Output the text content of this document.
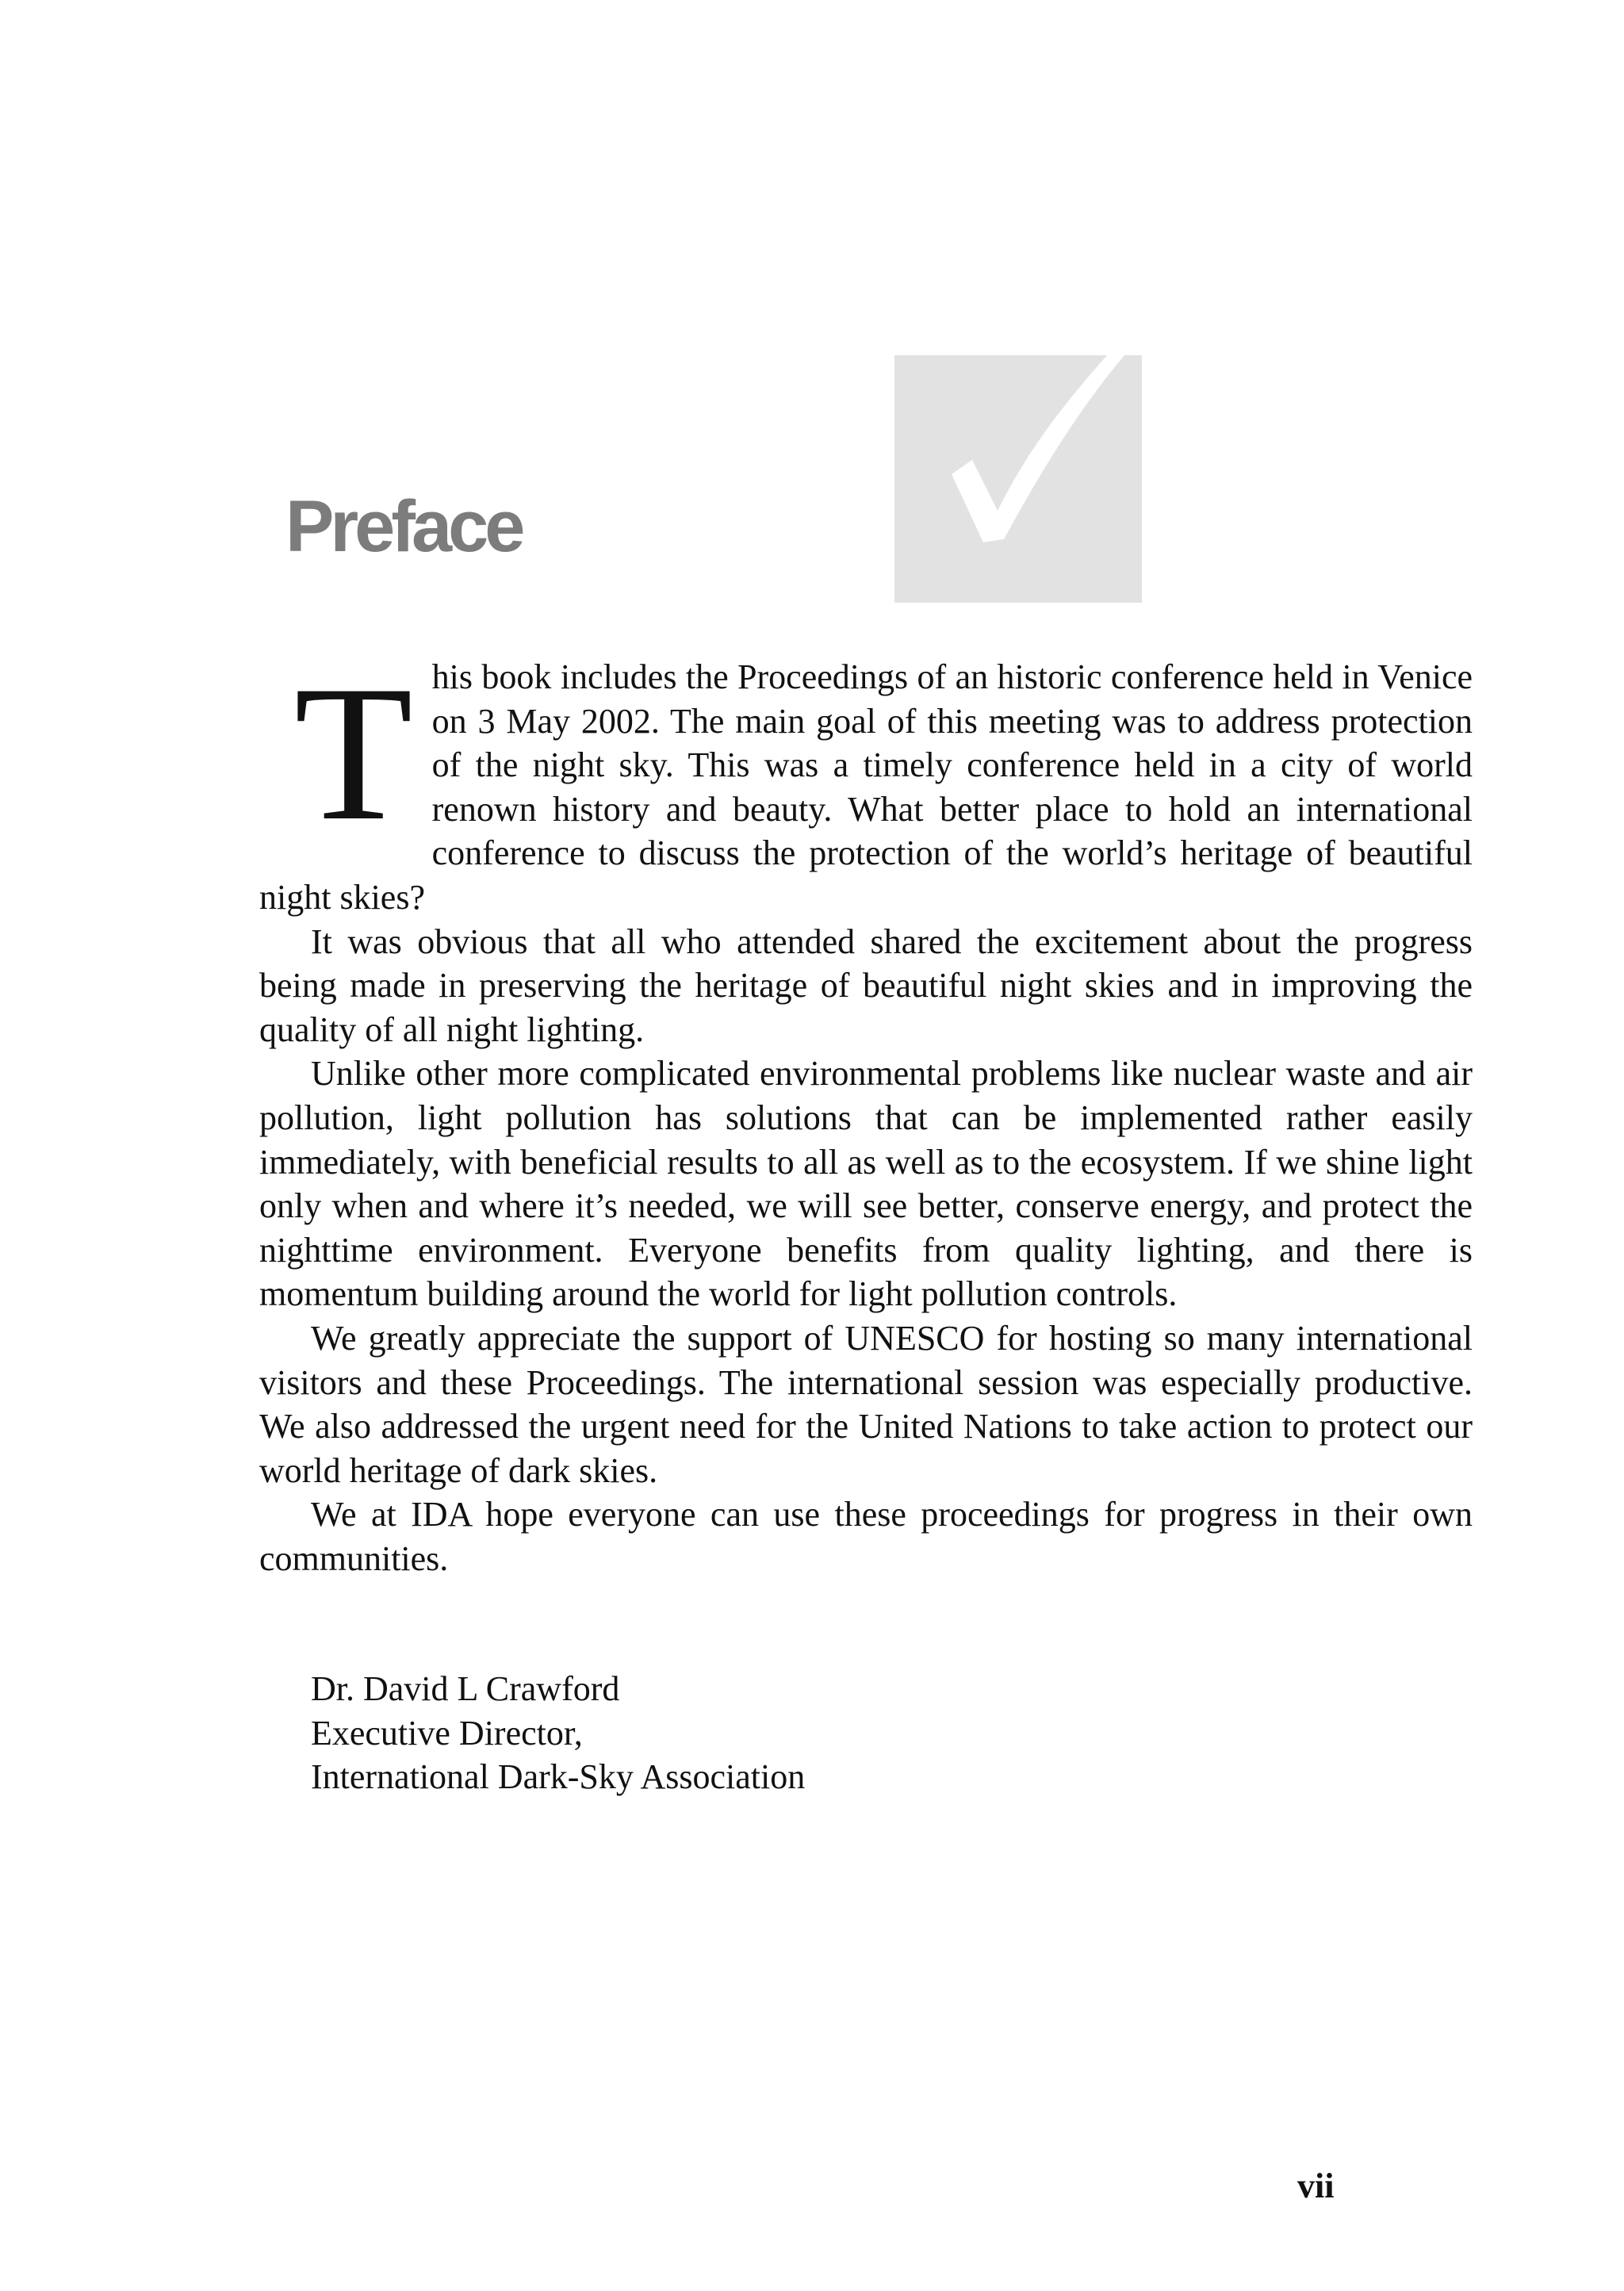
Preface

This book includes the Proceedings of an historic conference held in Venice on 3 May 2002. The main goal of this meeting was to address protection of the night sky. This was a timely conference held in a city of world renown history and beauty. What better place to hold an international conference to discuss the protection of the world’s heritage of beautiful night skies?

It was obvious that all who attended shared the excitement about the progress being made in preserving the heritage of beautiful night skies and in improving the quality of all night lighting.

Unlike other more complicated environmental problems like nuclear waste and air pollution, light pollution has solutions that can be implemented rather easily immediately, with beneficial results to all as well as to the ecosystem. If we shine light only when and where it’s needed, we will see better, conserve energy, and protect the nighttime environment. Everyone benefits from quality lighting, and there is momentum building around the world for light pollution controls.

We greatly appreciate the support of UNESCO for hosting so many international visitors and these Proceedings. The international session was especially productive. We also addressed the urgent need for the United Nations to take action to protect our world heritage of dark skies.

We at IDA hope everyone can use these proceedings for progress in their own communities.

Dr. David L Crawford
Executive Director,
International Dark-Sky Association
vii
